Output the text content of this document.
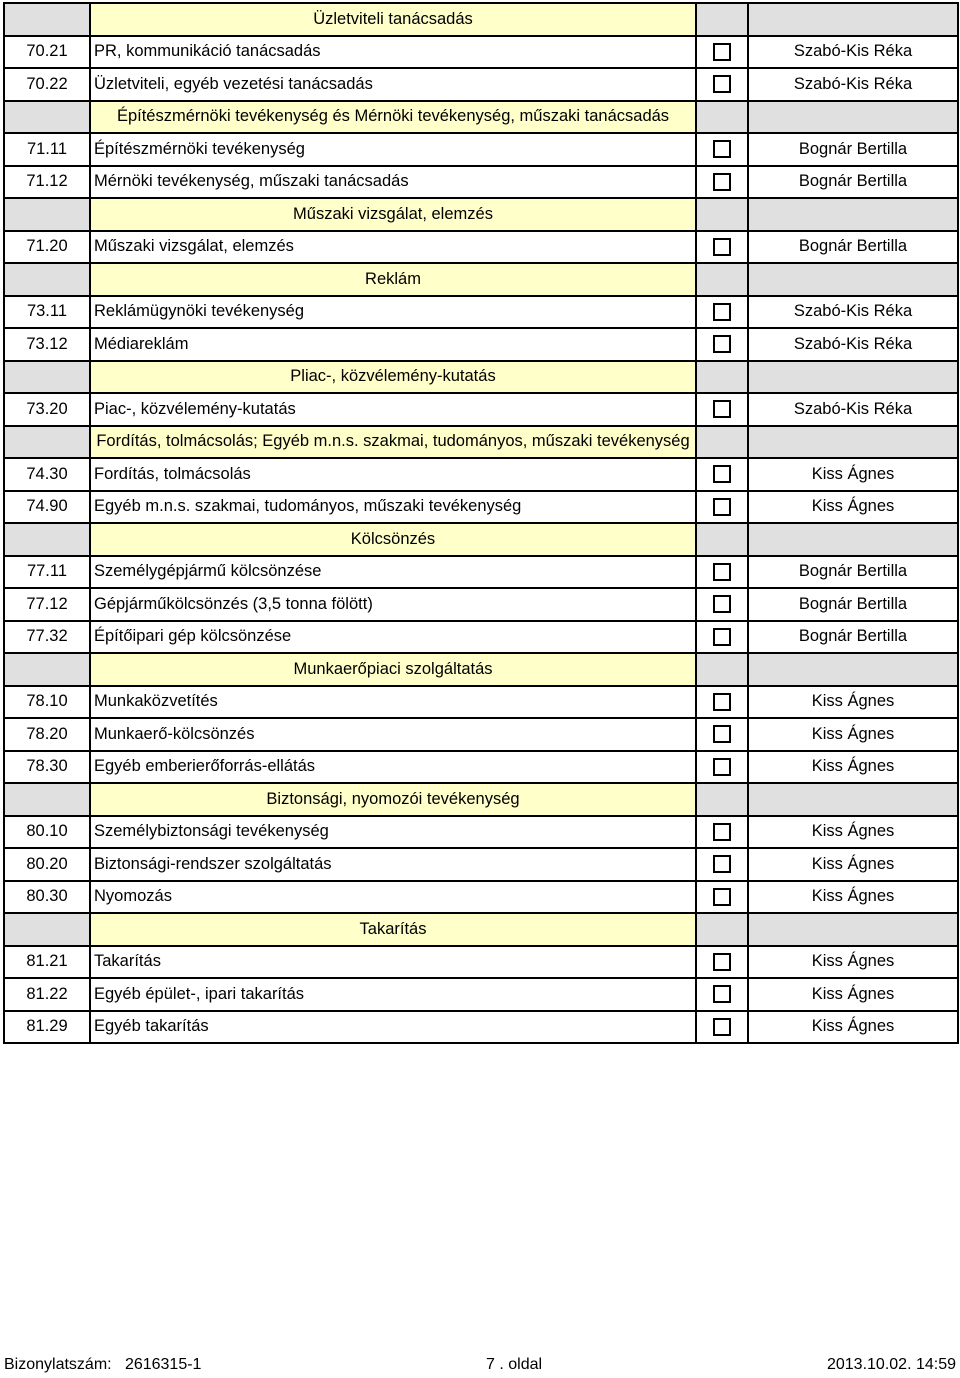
	Üzletviteli tanácsadás		
70.21	PR, kommunikáció tanácsadás		Szabó-Kis Réka
70.22	Üzletviteli, egyéb vezetési tanácsadás		Szabó-Kis Réka
	Építészmérnöki tevékenység és Mérnöki tevékenység, műszaki tanácsadás		
71.11	Építészmérnöki tevékenység		Bognár Bertilla
71.12	Mérnöki tevékenység, műszaki tanácsadás		Bognár Bertilla
	Műszaki vizsgálat, elemzés		
71.20	Műszaki vizsgálat, elemzés		Bognár Bertilla
	Reklám		
73.11	Reklámügynöki tevékenység		Szabó-Kis Réka
73.12	Médiareklám		Szabó-Kis Réka
	Pliac-, közvélemény-kutatás		
73.20	Piac-, közvélemény-kutatás		Szabó-Kis Réka
	Fordítás, tolmácsolás; Egyéb m.n.s. szakmai, tudományos, műszaki tevékenység		
74.30	Fordítás, tolmácsolás		Kiss Ágnes
74.90	Egyéb m.n.s. szakmai, tudományos, műszaki tevékenység		Kiss Ágnes
	Kölcsönzés		
77.11	Személygépjármű kölcsönzése		Bognár Bertilla
77.12	Gépjárműkölcsönzés (3,5 tonna fölött)		Bognár Bertilla
77.32	Építőipari gép kölcsönzése		Bognár Bertilla
	Munkaerőpiaci szolgáltatás		
78.10	Munkaközvetítés		Kiss Ágnes
78.20	Munkaerő-kölcsönzés		Kiss Ágnes
78.30	Egyéb emberierőforrás-ellátás		Kiss Ágnes
	Biztonsági, nyomozói tevékenység		
80.10	Személybiztonsági tevékenység		Kiss Ágnes
80.20	Biztonsági-rendszer szolgáltatás		Kiss Ágnes
80.30	Nyomozás		Kiss Ágnes
	Takarítás		
81.21	Takarítás		Kiss Ágnes
81.22	Egyéb épület-, ipari takarítás		Kiss Ágnes
81.29	Egyéb takarítás		Kiss Ágnes
Bizonylatszám: 2616315-1	7 . oldal	2013.10.02. 14:59
